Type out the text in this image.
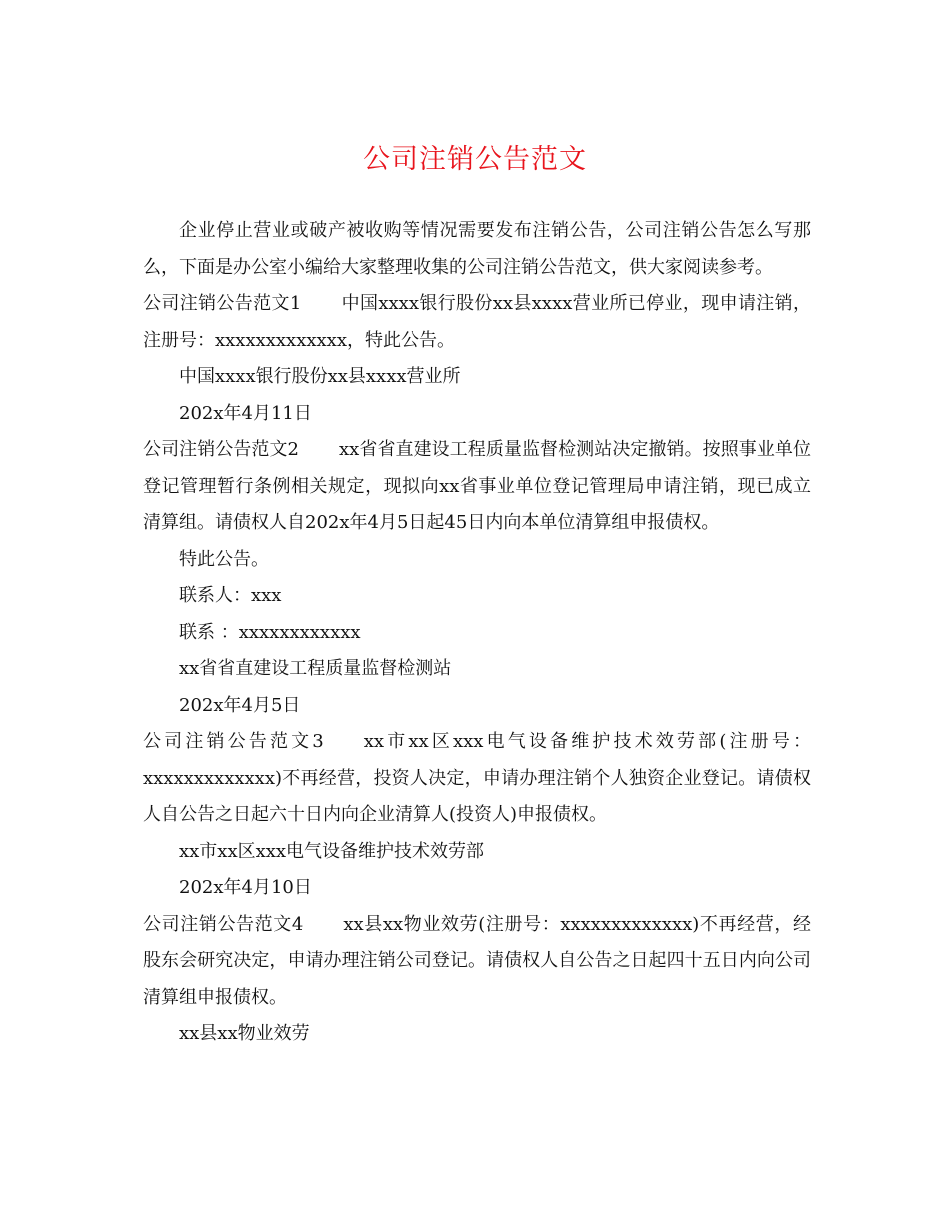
公司注销公告范文

企业停止营业或破产被收购等情况需要发布注销公告，公司注销公告怎么写那么，下面是办公室小编给大家整理收集的公司注销公告范文，供大家阅读参考。

公司注销公告范文1 中国xxxx银行股份xx县xxxx营业所已停业，现申请注销，注册号：xxxxxxxxxxxxx，特此公告。

中国xxxx银行股份xx县xxxx营业所

202x年4月11日

公司注销公告范文2 xx省省直建设工程质量监督检测站决定撤销。按照事业单位登记管理暂行条例相关规定，现拟向xx省事业单位登记管理局申请注销，现已成立清算组。请债权人自202x年4月5日起45日内向本单位清算组申报债权。

特此公告。

联系人：xxx

联系 ：xxxxxxxxxxxx

xx省省直建设工程质量监督检测站

202x年4月5日

公司注销公告范文3 xx市xx区xxx电气设备维护技术效劳部(注册号：xxxxxxxxxxxxx)不再经营，投资人决定，申请办理注销个人独资企业登记。请债权人自公告之日起六十日内向企业清算人(投资人)申报债权。

xx市xx区xxx电气设备维护技术效劳部

202x年4月10日

公司注销公告范文4 xx县xx物业效劳(注册号：xxxxxxxxxxxxx)不再经营，经股东会研究决定，申请办理注销公司登记。请债权人自公告之日起四十五日内向公司清算组申报债权。

xx县xx物业效劳
